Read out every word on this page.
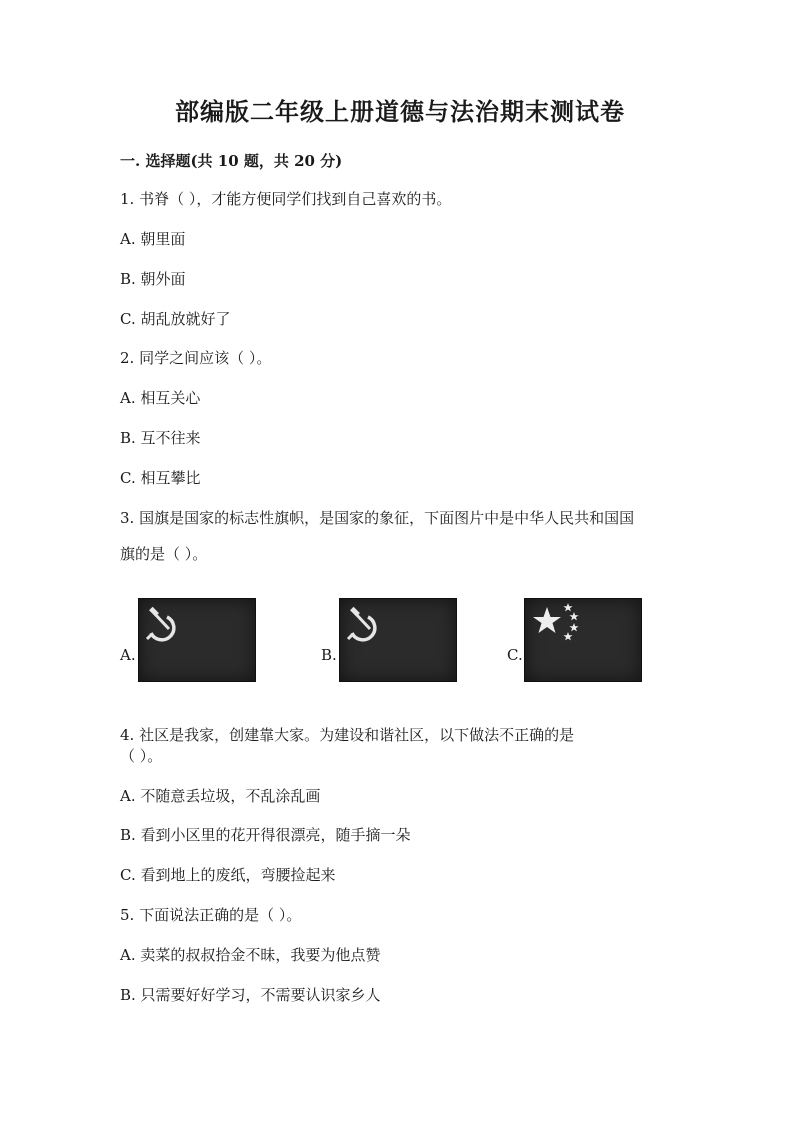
部编版二年级上册道德与法治期末测试卷
一. 选择题(共 10 题，共 20 分)
1. 书脊（ ），才能方便同学们找到自己喜欢的书。
A. 朝里面
B. 朝外面
C. 胡乱放就好了
2. 同学之间应该（ ）。
A. 相互关心
B. 互不往来
C. 相互攀比
3. 国旗是国家的标志性旗帜，是国家的象征，下面图片中是中华人民共和国国
旗的是（ ）。
A.	B.	C.
4. 社区是我家，创建靠大家。为建设和谐社区，以下做法不正确的是
（ ）。
A. 不随意丢垃圾，不乱涂乱画
B. 看到小区里的花开得很漂亮，随手摘一朵
C. 看到地上的废纸，弯腰捡起来
5. 下面说法正确的是（ ）。
A. 卖菜的叔叔拾金不昧，我要为他点赞
B. 只需要好好学习，不需要认识家乡人
